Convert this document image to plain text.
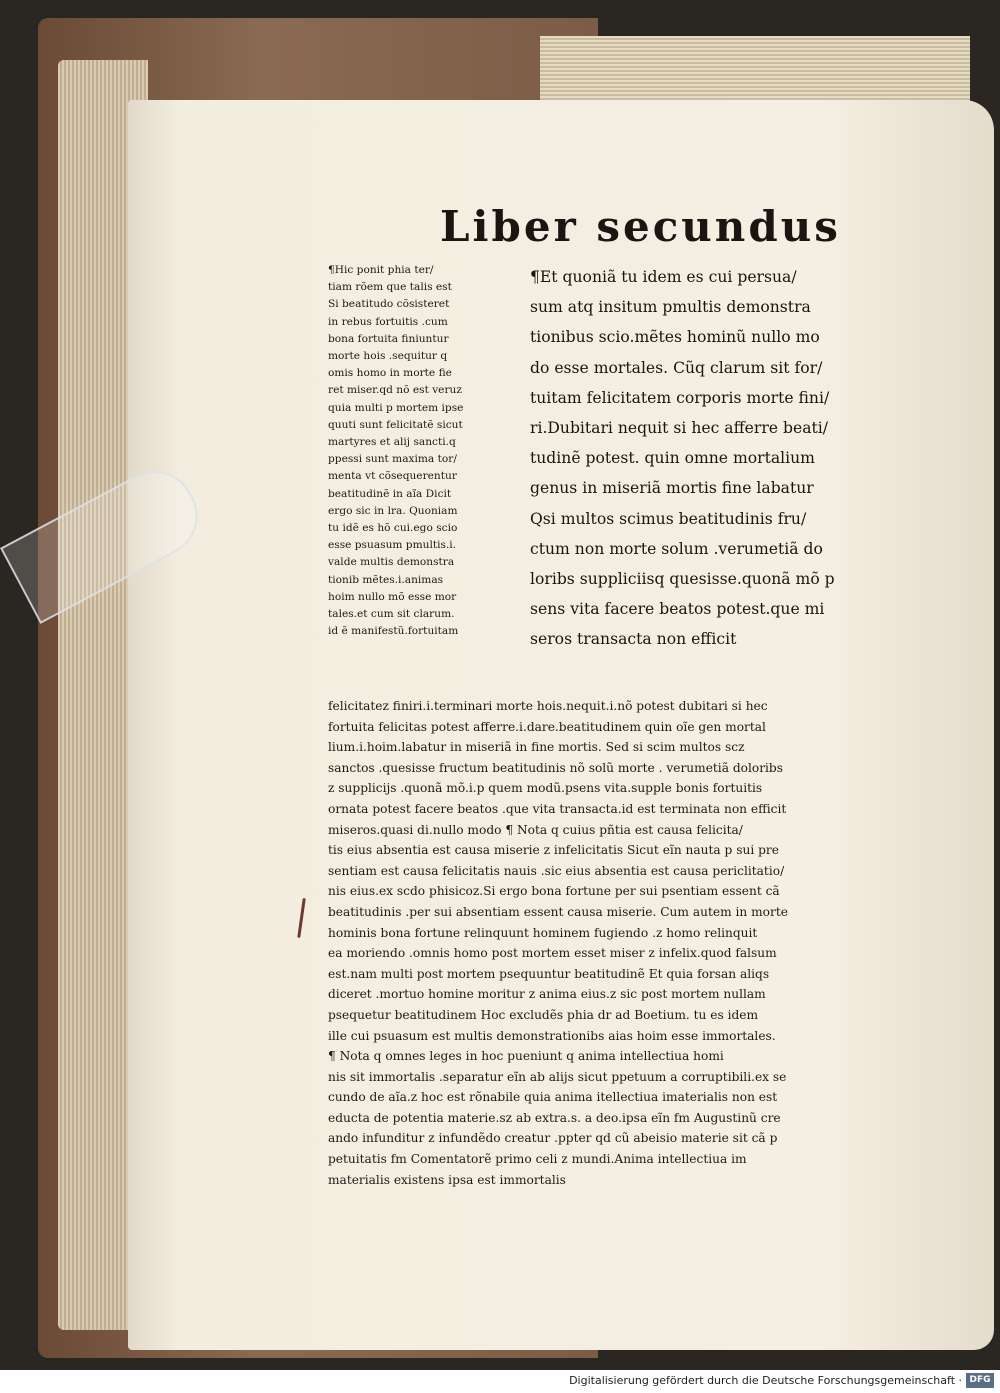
Liber secundus
¶Hic ponit phia ter/
tiam rõem que talis est
Si beatitudo cõsisteret
in rebus fortuitis .cum
bona fortuita finiuntur
morte hois .sequitur q
omis homo in morte fie
ret miser.qd nõ est veruz
quia multi p mortem ipse
quuti sunt felicitatẽ sicut
martyres et alij sancti.q
ppessi sunt maxima tor/
menta vt cõsequerentur
beatitudinẽ in aĩa Dicit
ergo sic in lra. Quoniam
tu idẽ es hõ cui.ego scio
esse psuasum pmultis.i.
valde multis demonstra
tionib mẽtes.i.animas
hoim nullo mõ esse mor
tales.et cum sit clarum.
id ẽ manifestũ.fortuitam
¶Et quoniã tu idem es cui persua/
sum atq insitum pmultis demonstra
tionibus scio.mẽtes hominũ nullo mo
do esse mortales. Cũq clarum sit for/
tuitam felicitatem corporis morte fini/
ri.Dubitari nequit si hec afferre beati/
tudinẽ potest. quin omne mortalium
genus in miseriã mortis fine labatur
Qsi multos scimus beatitudinis fru/
ctum non morte solum .verumetiã do
loribs suppliciisq quesisse.quonã mõ p
sens vita facere beatos potest.que mi
seros transacta non efficit
felicitatez finiri.i.terminari morte hois.nequit.i.nõ potest dubitari si hec
fortuita felicitas potest afferre.i.dare.beatitudinem quin oĩe gen mortal
lium.i.hoim.labatur in miseriã in fine mortis. Sed si scim multos scz
sanctos .quesisse fructum beatitudinis nõ solũ morte . verumetiã doloribs
z supplicijs .quonã mõ.i.p quem modũ.psens vita.supple bonis fortuitis
ornata potest facere beatos .que vita transacta.id est terminata non efficit
miseros.quasi di.nullo modo ¶ Nota q cuius pñtia est causa felicita/
tis eius absentia est causa miserie z infelicitatis Sicut eĩn nauta p sui pre
sentiam est causa felicitatis nauis .sic eius absentia est causa periclitatio/
nis eius.ex scdo phisicoz.Si ergo bona fortune per sui psentiam essent cã
beatitudinis .per sui absentiam essent causa miserie. Cum autem in morte
hominis bona fortune relinquunt hominem fugiendo .z homo relinquit
ea moriendo .omnis homo post mortem esset miser z infelix.quod falsum
est.nam multi post mortem psequuntur beatitudinẽ Et quia forsan aliqs
diceret .mortuo homine moritur z anima eius.z sic post mortem nullam
psequetur beatitudinem Hoc excludẽs phia dr ad Boetium. tu es idem
ille cui psuasum est multis demonstrationibs aias hoim esse immortales.
¶ Nota q omnes leges in hoc pueniunt q anima intellectiua homi
nis sit immortalis .separatur eĩn ab alijs sicut ppetuum a corruptibili.ex se
cundo de aĩa.z hoc est rõnabile quia anima itellectiua imaterialis non est
educta de potentia materie.sz ab extra.s. a deo.ipsa eĩn fm Augustinũ cre
ando infunditur z infundẽdo creatur .ppter qd cũ abeisio materie sit cã p
petuitatis fm Comentatorẽ primo celi z mundi.Anima intellectiua im
materialis existens ipsa est immortalis
Digitalisierung gefördert durch die Deutsche Forschungsgemeinschaft · DFG
